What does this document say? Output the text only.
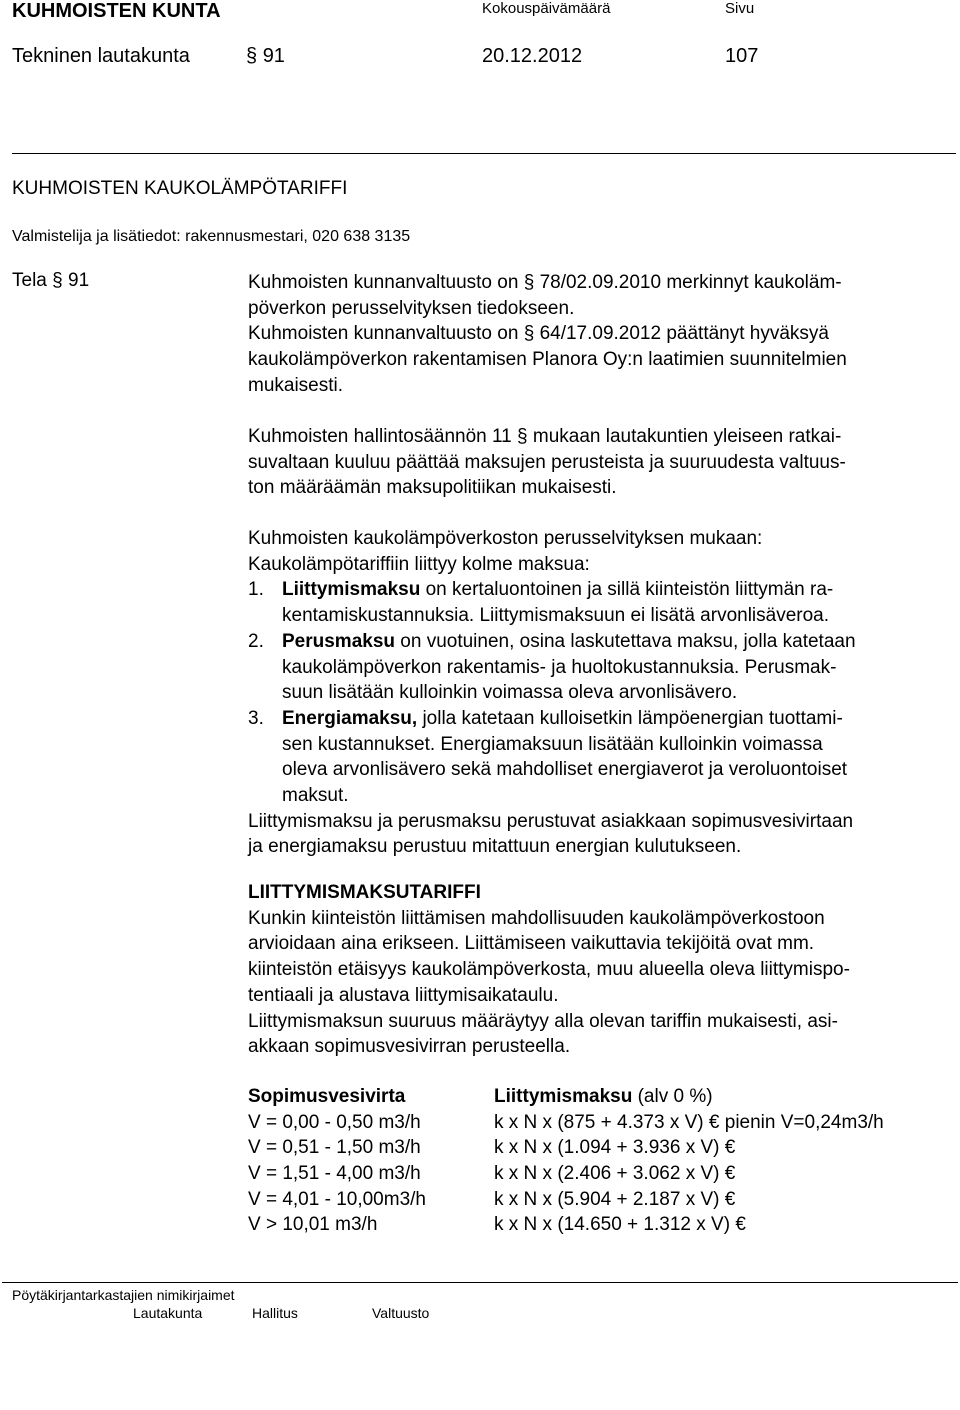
KUHMOISTEN KUNTA	Kokouspäivämäärä	Sivu
Tekninen lautakunta	§ 91	20.12.2012	107
KUHMOISTEN KAUKOLÄMPÖTARIFFI
Valmistelija ja lisätiedot: rakennusmestari, 020 638 3135
Tela § 91	Kuhmoisten kunnanvaltuusto on § 78/02.09.2010 merkinnyt kaukoläm-
pöverkon perusselvityksen tiedokseen.
Kuhmoisten kunnanvaltuusto on § 64/17.09.2012 päättänyt hyväksyä
kaukolämpöverkon rakentamisen Planora Oy:n laatimien suunnitelmien
mukaisesti.
Kuhmoisten hallintosäännön 11 § mukaan lautakuntien yleiseen ratkai-
suvaltaan kuuluu päättää maksujen perusteista ja suuruudesta valtuus-
ton määräämän maksupolitiikan mukaisesti.
Kuhmoisten kaukolämpöverkoston perusselvityksen mukaan:
Kaukolämpötariffiin liittyy kolme maksua:
1. Liittymismaksu on kertaluontoinen ja sillä kiinteistön liittymän ra-
kentamiskustannuksia. Liittymismaksuun ei lisätä arvonlisäveroa.
2. Perusmaksu on vuotuinen, osina laskutettava maksu, jolla katetaan
kaukolämpöverkon rakentamis- ja huoltokustannuksia. Perusmak-
suun lisätään kulloinkin voimassa oleva arvonlisävero.
3. Energiamaksu, jolla katetaan kulloisetkin lämpöenergian tuottami-
sen kustannukset. Energiamaksuun lisätään kulloinkin voimassa
oleva arvonlisävero sekä mahdolliset energiaverot ja veroluontoiset
maksut.
Liittymismaksu ja perusmaksu perustuvat asiakkaan sopimusvesivirtaan
ja energiamaksu perustuu mitattuun energian kulutukseen.
LIITTYMISMAKSUTARIFFI
Kunkin kiinteistön liittämisen mahdollisuuden kaukolämpöverkostoon
arvioidaan aina erikseen. Liittämiseen vaikuttavia tekijöitä ovat mm.
kiinteistön etäisyys kaukolämpöverkosta, muu alueella oleva liittymispo-
tentiaali ja alustava liittymisaikataulu.
Liittymismaksun suuruus määräytyy alla olevan tariffin mukaisesti, asi-
akkaan sopimusvesivirran perusteella.
Sopimusvesivirta	Liittymismaksu (alv 0 %)
V = 0,00 - 0,50 m3/h	k x N x (875 + 4.373 x V) € pienin V=0,24m3/h
V = 0,51 - 1,50 m3/h	k x N x (1.094 + 3.936 x V) €
V = 1,51 - 4,00 m3/h	k x N x (2.406 + 3.062 x V) €
V = 4,01 - 10,00m3/h	k x N x (5.904 + 2.187 x V) €
V > 10,01 m3/h	k x N x (14.650 + 1.312 x V) €
Pöytäkirjantarkastajien nimikirjaimet
Lautakunta	Hallitus	Valtuusto
